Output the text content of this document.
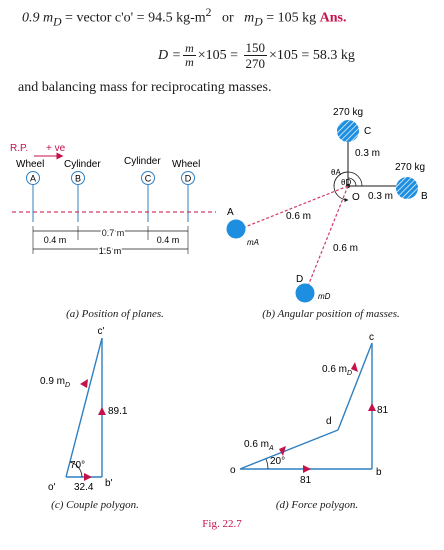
0.9 $m_D$ = vector c'o' = 94.5 $kg-m^2$   or   $m_D = 105$ kg Ans.
$D = \frac{m}{m} \times 105 = \frac{150}{270} \times 105 = 58.3$ kg
and balancing mass for reciprocating masses.
R.P. + ve
Wheel Cylinder Cylinder Wheel
A	B	C	D
0.4 m
0.7 m
0.4 m
1.5 m
270 kg
C
0.3 m
270 kg
B
0.3 m
O
θA
θD
A	0.6 m
mA
D
0.6 m
mD
c'
o'	b'
0.9 $m_D$
89.1
70°
32.4
c
d
o	b
0.6 $m_D$
0.6 $m_A$
20°
81
81
(a) Position of planes.	(b) Angular position of masses.
(c) Couple polygon.	(d) Force polygon.
Fig. 22.7
